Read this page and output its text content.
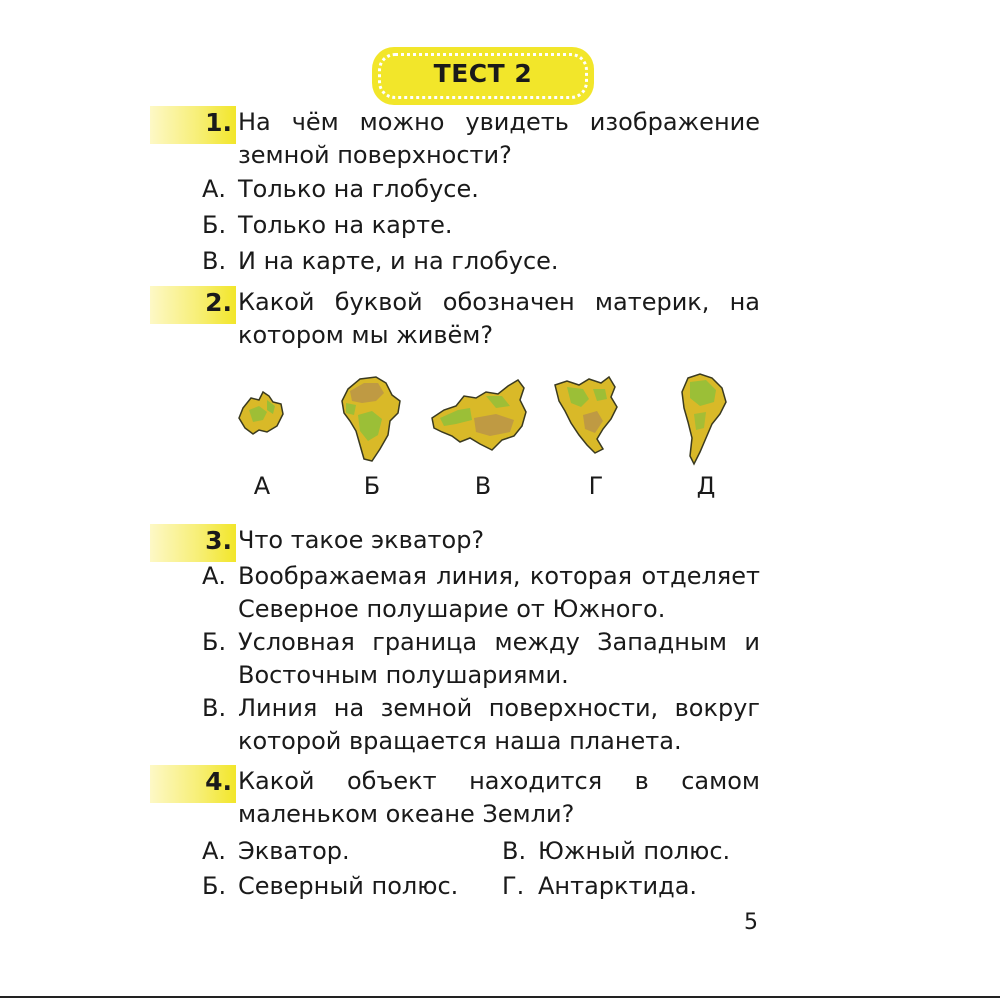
ТЕСТ 2
1. На чём можно увидеть изображение земной поверхности?
А. Только на глобусе.
Б. Только на карте.
В. И на карте, и на глобусе.
2. Какой буквой обозначен материк, на котором мы живём?
А	Б	В	Г	Д
3. Что такое экватор?
А. Воображаемая линия, которая отделяет Северное полушарие от Южного.
Б. Условная граница между Западным и Восточным полушариями.
В. Линия на земной поверхности, вокруг которой вращается наша планета.
4. Какой объект находится в самом маленьком океане Земли?
А. Экватор.
Б. Северный полюс.
В. Южный полюс.
Г. Антарктида.
5
